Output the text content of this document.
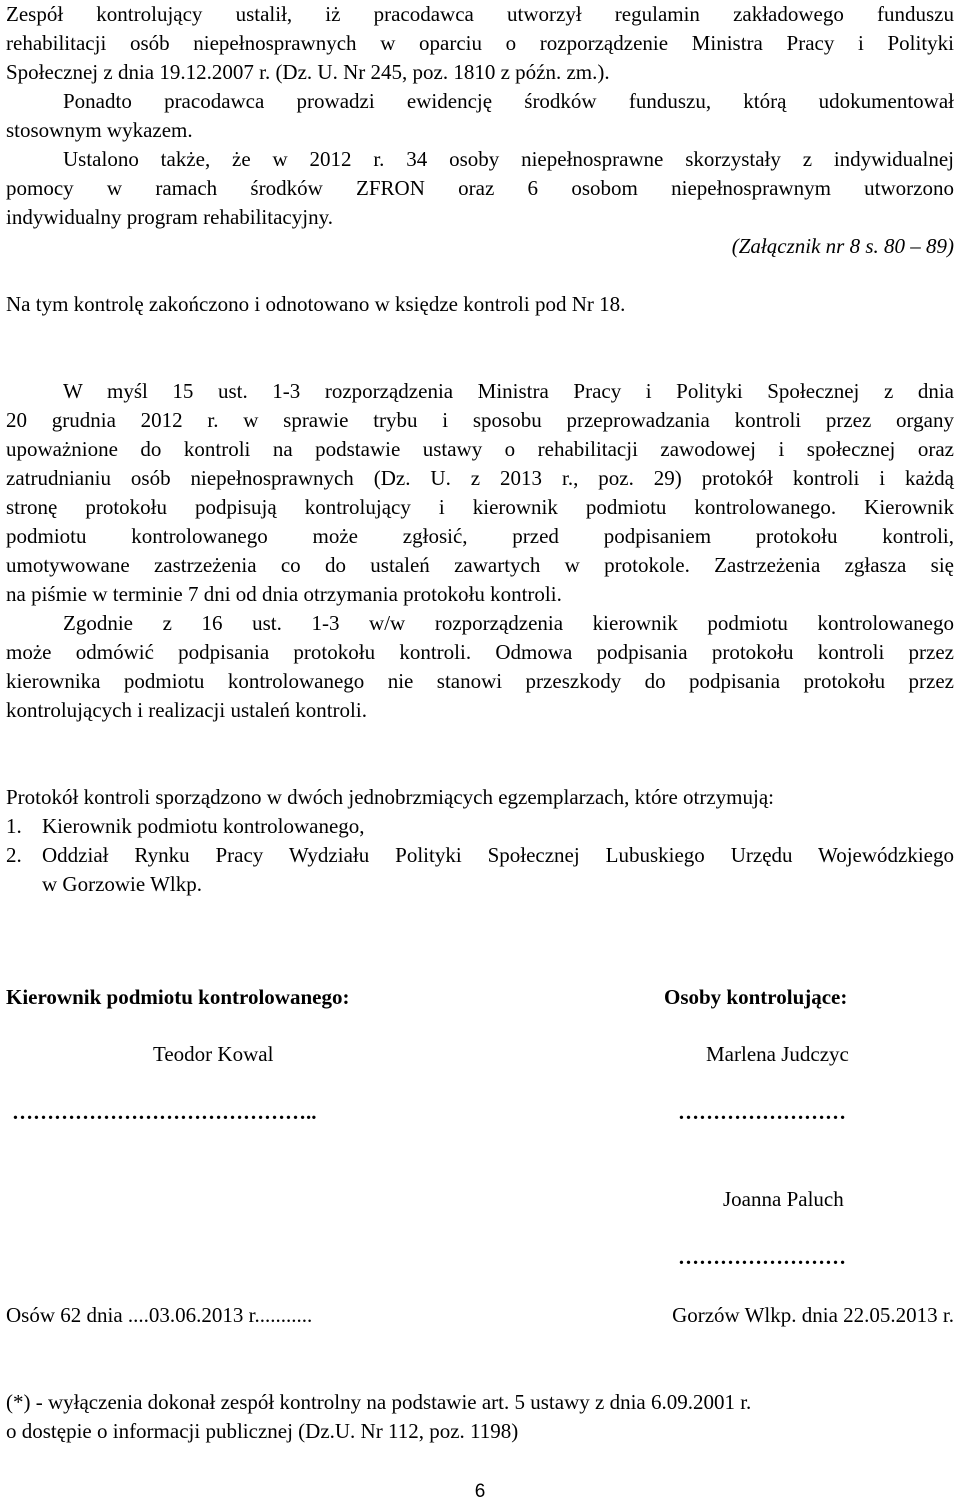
Zespół kontrolujący ustalił, iż pracodawca utworzył regulamin zakładowego funduszu
rehabilitacji osób niepełnosprawnych w oparciu o rozporządzenie Ministra Pracy i Polityki
Społecznej z dnia 19.12.2007 r. (Dz. U. Nr 245, poz. 1810 z późn. zm.).
Ponadto pracodawca prowadzi ewidencję środków funduszu, którą udokumentował
stosownym wykazem.
Ustalono także, że w 2012 r. 34 osoby niepełnosprawne skorzystały z indywidualnej
pomocy w ramach środków ZFRON oraz 6 osobom niepełnosprawnym utworzono
indywidualny program rehabilitacyjny.
(Załącznik nr 8 s. 80 – 89)
Na tym kontrolę zakończono i odnotowano w księdze kontroli pod Nr 18.
W myśl 15 ust. 1-3 rozporządzenia Ministra Pracy i Polityki Społecznej z dnia
20 grudnia 2012 r. w sprawie trybu i sposobu przeprowadzania kontroli przez organy
upoważnione do kontroli na podstawie ustawy o rehabilitacji zawodowej i społecznej oraz
zatrudnianiu osób niepełnosprawnych (Dz. U. z 2013 r., poz. 29) protokół kontroli i każdą
stronę protokołu podpisują kontrolujący i kierownik podmiotu kontrolowanego. Kierownik
podmiotu kontrolowanego może zgłosić, przed podpisaniem protokołu kontroli,
umotywowane zastrzeżenia co do ustaleń zawartych w protokole. Zastrzeżenia zgłasza się
na piśmie w terminie 7 dni od dnia otrzymania protokołu kontroli.
Zgodnie z 16 ust. 1-3 w/w rozporządzenia kierownik podmiotu kontrolowanego
może odmówić podpisania protokołu kontroli. Odmowa podpisania protokołu kontroli przez
kierownika podmiotu kontrolowanego nie stanowi przeszkody do podpisania protokołu przez
kontrolujących i realizacji ustaleń kontroli.
Protokół kontroli sporządzono w dwóch jednobrzmiących egzemplarzach, które otrzymują:
1. Kierownik podmiotu kontrolowanego,
2. Oddział Rynku Pracy Wydziału Polityki Społecznej Lubuskiego Urzędu Wojewódzkiego
w Gorzowie Wlkp.
Kierownik podmiotu kontrolowanego:	Osoby kontrolujące:
Teodor Kowal	Marlena Judczyc
……………………………………..	……………………
Joanna Paluch
……………………
Osów 62 dnia ....03.06.2013 r...........	Gorzów Wlkp. dnia 22.05.2013 r.
(*) - wyłączenia dokonał zespół kontrolny na podstawie art. 5 ustawy z dnia 6.09.2001 r.
o dostępie o informacji publicznej (Dz.U. Nr 112, poz. 1198)
6
